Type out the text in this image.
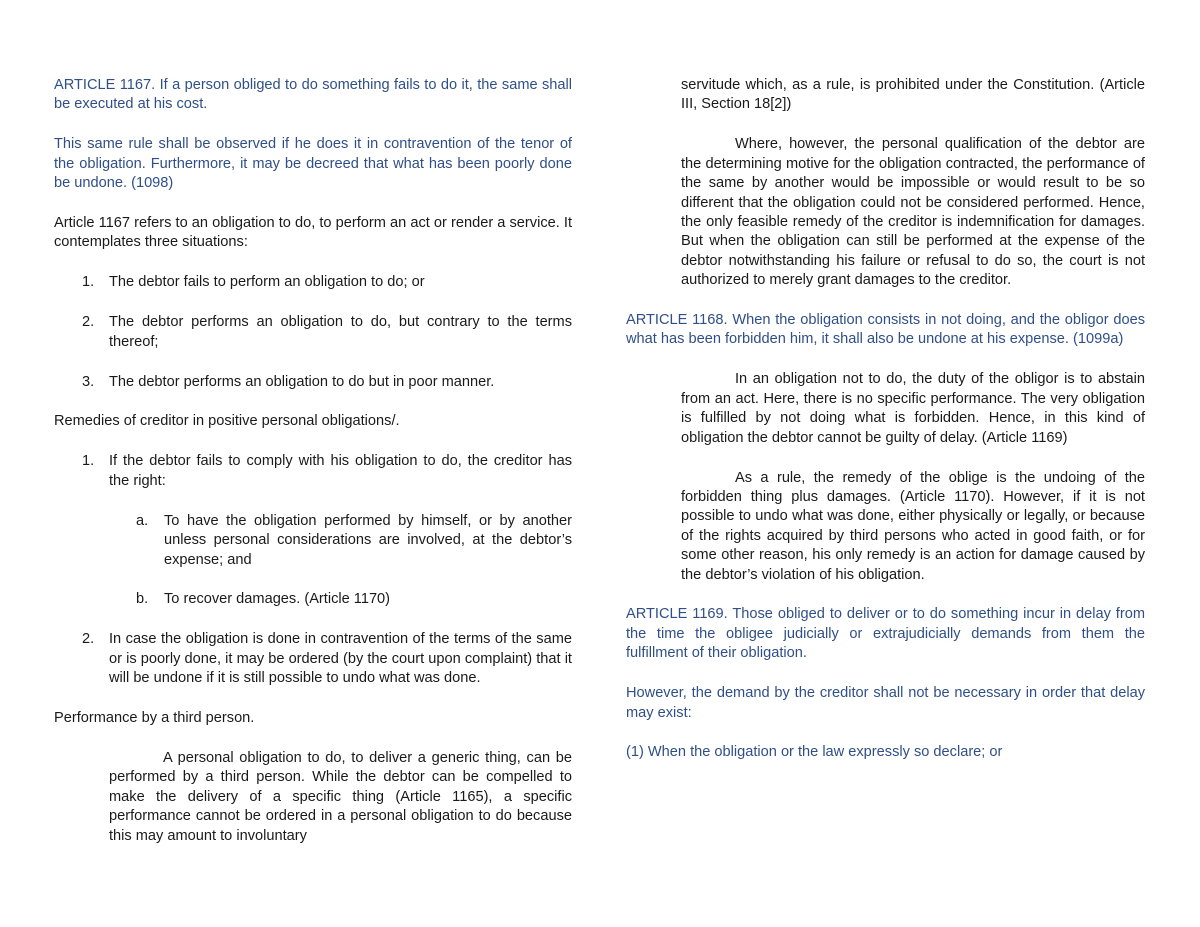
ARTICLE 1167. If a person obliged to do something fails to do it, the same shall be executed at his cost.

This same rule shall be observed if he does it in contravention of the tenor of the obligation. Furthermore, it may be decreed that what has been poorly done be undone. (1098)

Article 1167 refers to an obligation to do, to perform an act or render a service. It contemplates three situations:

1. The debtor fails to perform an obligation to do; or
2. The debtor performs an obligation to do, but contrary to the terms thereof;
3. The debtor performs an obligation to do but in poor manner.

Remedies of creditor in positive personal obligations/.

1. If the debtor fails to comply with his obligation to do, the creditor has the right:
a. To have the obligation performed by himself, or by another unless personal considerations are involved, at the debtor’s expense; and
b. To recover damages. (Article 1170)
2. In case the obligation is done in contravention of the terms of the same or is poorly done, it may be ordered (by the court upon complaint) that it will be undone if it is still possible to undo what was done.

Performance by a third person.

A personal obligation to do, to deliver a generic thing, can be performed by a third person. While the debtor can be compelled to make the delivery of a specific thing (Article 1165), a specific performance cannot be ordered in a personal obligation to do because this may amount to involuntary
servitude which, as a rule, is prohibited under the Constitution. (Article III, Section 18[2])
Where, however, the personal qualification of the debtor are the determining motive for the obligation contracted, the performance of the same by another would be impossible or would result to be so different that the obligation could not be considered performed. Hence, the only feasible remedy of the creditor is indemnification for damages. But when the obligation can still be performed at the expense of the debtor notwithstanding his failure or refusal to do so, the court is not authorized to merely grant damages to the creditor.

ARTICLE 1168. When the obligation consists in not doing, and the obligor does what has been forbidden him, it shall also be undone at his expense. (1099a)

In an obligation not to do, the duty of the obligor is to abstain from an act. Here, there is no specific performance. The very obligation is fulfilled by not doing what is forbidden. Hence, in this kind of obligation the debtor cannot be guilty of delay. (Article 1169)
As a rule, the remedy of the oblige is the undoing of the forbidden thing plus damages. (Article 1170). However, if it is not possible to undo what was done, either physically or legally, or because of the rights acquired by third persons who acted in good faith, or for some other reason, his only remedy is an action for damage caused by the debtor’s violation of his obligation.

ARTICLE 1169. Those obliged to deliver or to do something incur in delay from the time the obligee judicially or extrajudicially demands from them the fulfillment of their obligation.

However, the demand by the creditor shall not be necessary in order that delay may exist:

(1) When the obligation or the law expressly so declare; or
